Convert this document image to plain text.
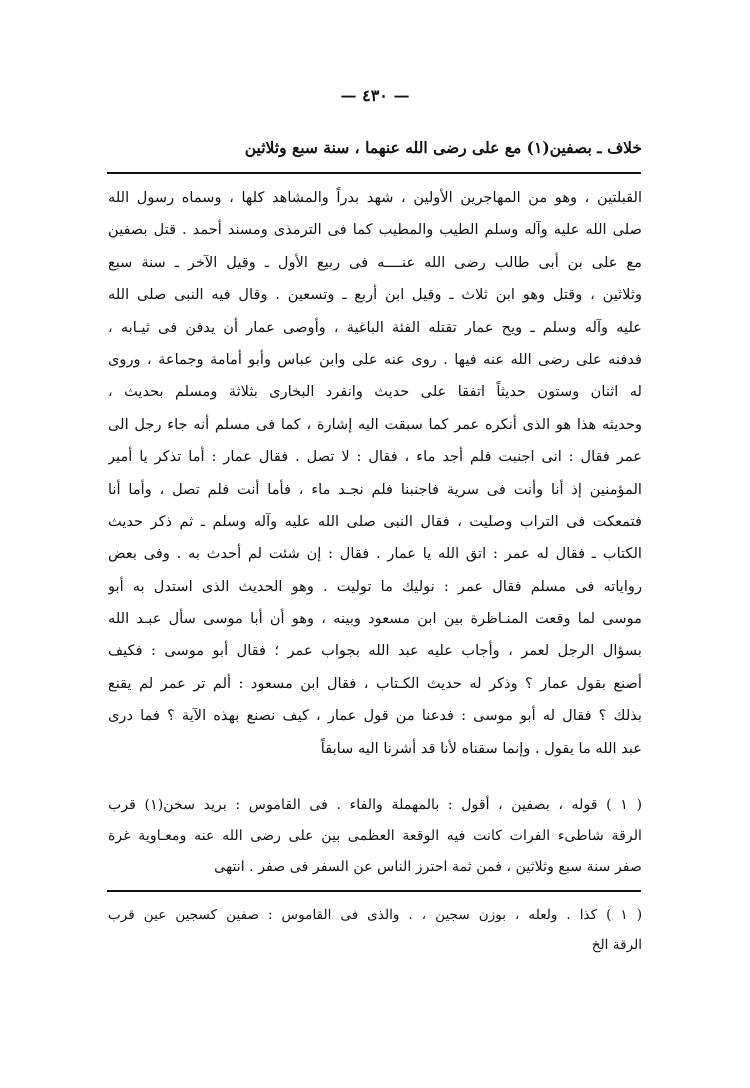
— ٤٣٠ —
خلاف ـ بصفين(١) مع على رضى الله عنهما ، سنة سبع وثلاثين
القبلتين ، وهو من المهاجرين الأولين ، شهد بدراً والمشاهد كلها ، وسماه رسول الله
صلى الله عليه وآله وسلم الطيب والمطيب كما فى الترمذى ومسند أحمد . قتل بصفين
مع على بن أبى طالب رضى الله عنــــه فى ربيع الأول ـ وقيل الآخر ـ سنة سبع
وثلاثين ، وقتل وهو ابن ثلاث ـ وقيل ابن أربع ـ وتسعين . وقال فيه النبى صلى الله
عليه وآله وسلم ـ ويح عمار تقتله الفئة الباغية ، وأوصى عمار أن يدفن فى ثيـابه ،
فدفنه على رضى الله عنه فيها . روى عنه على وابن عباس وأبو أمامة وجماعة ، وروى
له اثنان وستون حديثاً اتفقا على حديث وانفرد البخارى بثلاثة ومسلم بحديث ،
وحديثه هذا هو الذى أنكره عمر كما سبقت اليه إشارة ، كما فى مسلم أنه جاء رجل الى
عمر فقال : انى اجنبت فلم أجد ماء ، فقال : لا تصل . فقال عمار : أما تذكر يا أمير
المؤمنين إذ أنا وأنت فى سرية فاجنبنا فلم نجـد ماء ، فأما أنت فلم تصل ، وأما أنا
فتمعكت فى التراب وصليت ، فقال النبى صلى الله عليه وآله وسلم ـ ثم ذكر حديث
الكتاب ـ فقال له عمر : اتق الله يا عمار . فقال : إن شئت لم أحدث به . وفى بعض
رواياته فى مسلم فقال عمر : نوليك ما توليت . وهو الحديث الذى استدل به أبو
موسى لما وقعت المنـاظرة بين ابن مسعود وبينه ، وهو أن أبا موسى سأل عبـد الله
بسؤال الرجل لعمر ، وأجاب عليه عبد الله بجواب عمر ؛ فقال أبو موسى : فكيف
أصنع بقول عمار ؟ وذكر له حديث الكـتاب ، فقال ابن مسعود : ألم تر عمر لم يقنع
بذلك ؟ فقال له أبو موسى : فدعنا من قول عمار ، كيف نصنع بهذه الآية ؟ فما درى
عبد الله ما يقول . وإنما سقناه لأنا قد أشرنا اليه سابقاً
( ١ ) قوله ، بصفين ، أقول : بالمهملة والفاء . فى القاموس : بريد سخن(١) قرب
الرقة شاطىء الفرات كانت فيه الوقعة العظمى بين على رضى الله عنه ومعـاوية غرة
صفر سنة سبع وثلاثين ، فمن ثمة احترز الناس عن السفر فى صفر . انتهى
( ١ ) كذا . ولعله ، بوزن سجين ، . والذى فى القاموس : صفين كسجين عين قرب
الرقة الخ
